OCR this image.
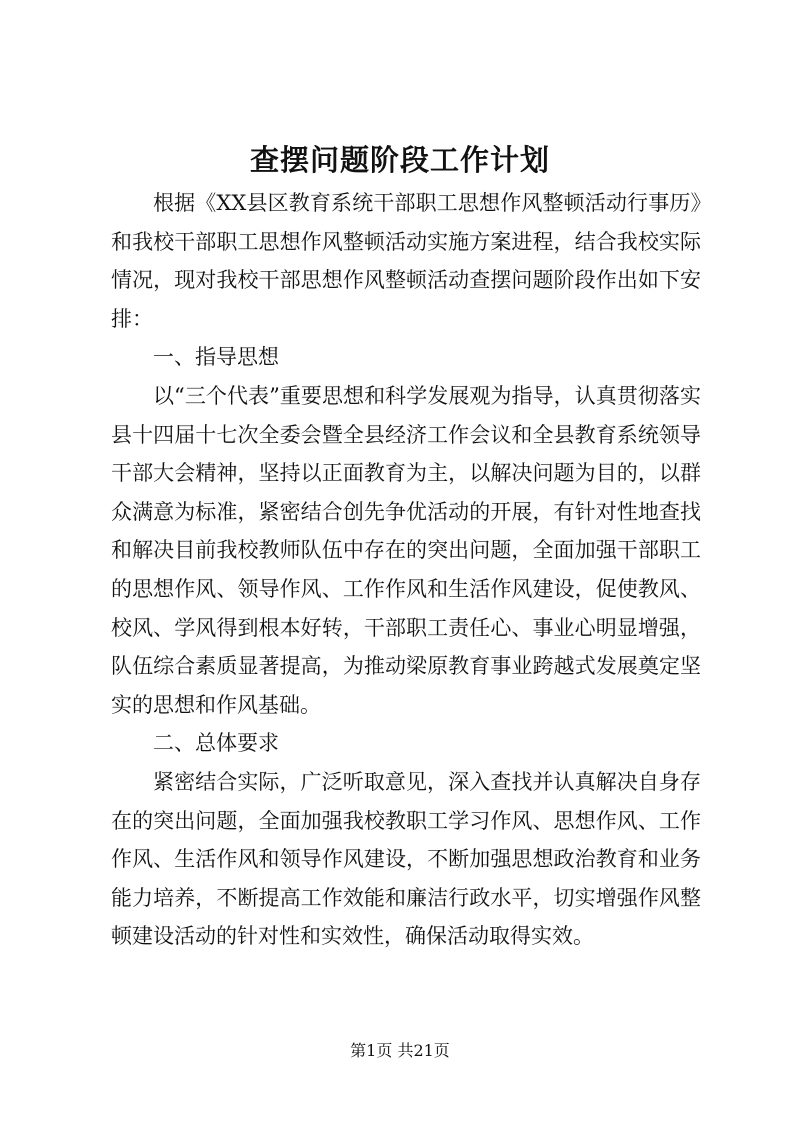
查摆问题阶段工作计划

根据《XX县区教育系统干部职工思想作风整顿活动行事历》和我校干部职工思想作风整顿活动实施方案进程，结合我校实际情况，现对我校干部思想作风整顿活动查摆问题阶段作出如下安排：

一、指导思想

以“三个代表”重要思想和科学发展观为指导，认真贯彻落实县十四届十七次全委会暨全县经济工作会议和全县教育系统领导干部大会精神，坚持以正面教育为主，以解决问题为目的，以群众满意为标准，紧密结合创先争优活动的开展，有针对性地查找和解决目前我校教师队伍中存在的突出问题，全面加强干部职工的思想作风、领导作风、工作作风和生活作风建设，促使教风、校风、学风得到根本好转，干部职工责任心、事业心明显增强，队伍综合素质显著提高，为推动梁原教育事业跨越式发展奠定坚实的思想和作风基础。

二、总体要求

紧密结合实际，广泛听取意见，深入查找并认真解决自身存在的突出问题，全面加强我校教职工学习作风、思想作风、工作作风、生活作风和领导作风建设，不断加强思想政治教育和业务能力培养，不断提高工作效能和廉洁行政水平，切实增强作风整顿建设活动的针对性和实效性，确保活动取得实效。

第1页 共21页
